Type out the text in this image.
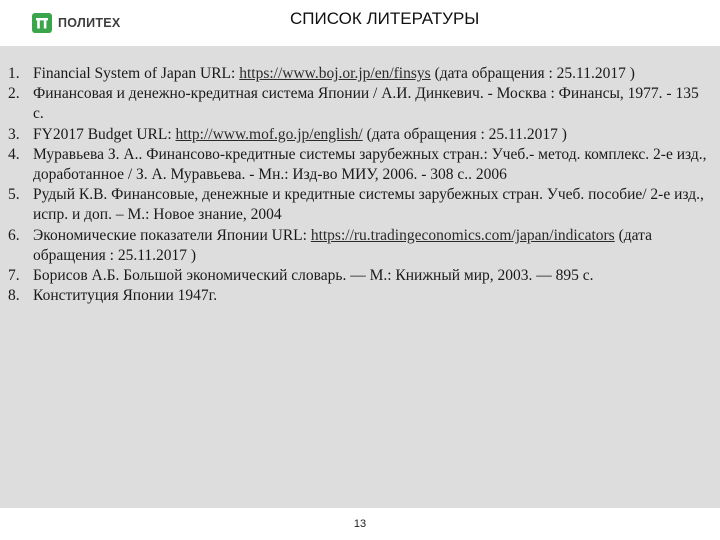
ПОЛИТЕХ	СПИСОК ЛИТЕРАТУРЫ
1. Financial System of Japan URL: https://www.boj.or.jp/en/finsys (дата обращения : 25.11.2017 )
2. Финансовая и денежно-кредитная система Японии / А.И. Динкевич. - Москва : Финансы, 1977. - 135 с.
3. FY2017 Budget URL: http://www.mof.go.jp/english/ (дата обращения : 25.11.2017 )
4. Муравьева З. А.. Финансово-кредитные системы зарубежных стран.: Учеб.- метод. комплекс. 2-е изд., доработанное / З. А. Муравьева. - Мн.: Изд-во МИУ, 2006. - 308 с.. 2006
5. Рудый К.В. Финансовые, денежные и кредитные системы зарубежных стран. Учеб. пособие/ 2-е изд., испр. и доп. – М.: Новое знание, 2004
6. Экономические показатели Японии URL: https://ru.tradingeconomics.com/japan/indicators (дата обращения : 25.11.2017 )
7. Борисов А.Б. Большой экономический словарь. — М.: Книжный мир, 2003. — 895 с.
8. Конституция Японии 1947г.
13
